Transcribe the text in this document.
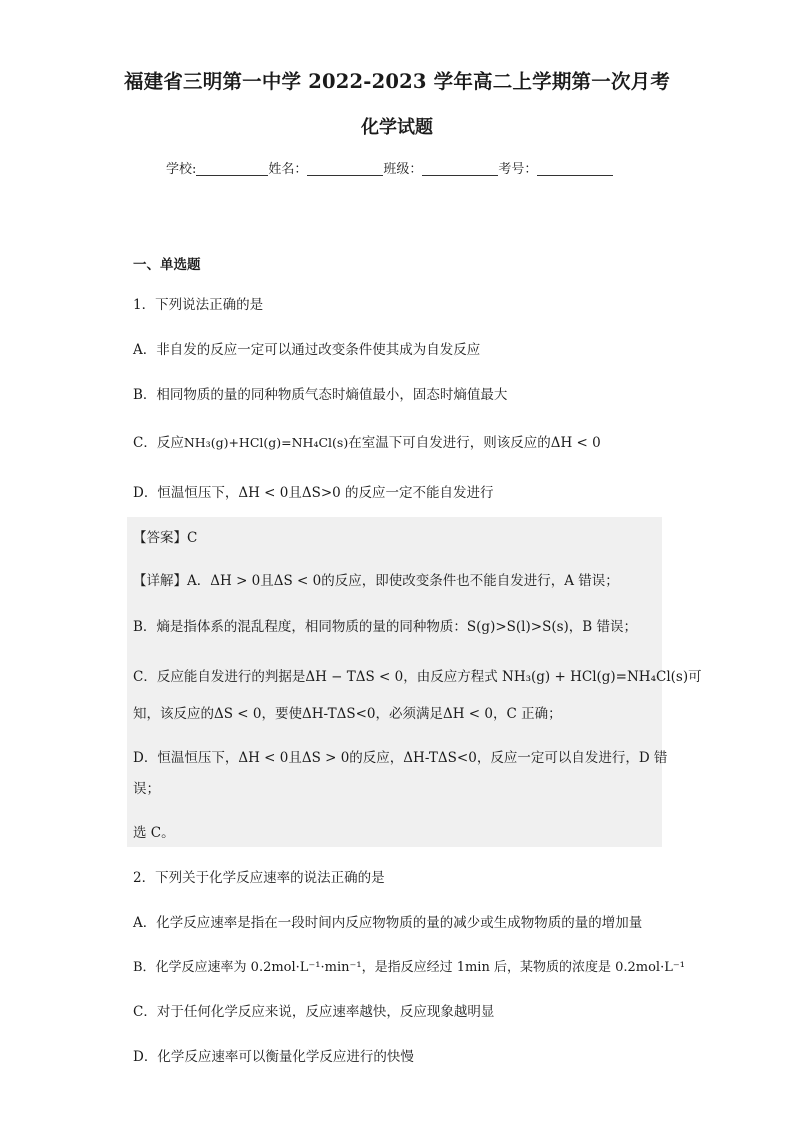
福建省三明第一中学 2022-2023 学年高二上学期第一次月考
化学试题
学校:	姓名：	班级：	考号：
一、单选题
1．下列说法正确的是
A．非自发的反应一定可以通过改变条件使其成为自发反应
B．相同物质的量的同种物质气态时熵值最小，固态时熵值最大
C．反应NH₃(g)+HCl(g)=NH₄Cl(s)在室温下可自发进行，则该反应的ΔH < 0
D．恒温恒压下，ΔH < 0且ΔS>0 的反应一定不能自发进行
【答案】C
【详解】A．ΔH > 0且ΔS < 0的反应，即使改变条件也不能自发进行，A 错误；
B．熵是指体系的混乱程度，相同物质的量的同种物质：S(g)>S(l)>S(s)，B 错误；
C．反应能自发进行的判据是ΔH − TΔS < 0，由反应方程式 NH₃(g) + HCl(g)=NH₄Cl(s)可
知，该反应的ΔS < 0，要使ΔH-TΔS<0，必须满足ΔH < 0，C 正确；
D．恒温恒压下，ΔH < 0且ΔS > 0的反应，ΔH-TΔS<0，反应一定可以自发进行，D 错
误；
选 C。
2．下列关于化学反应速率的说法正确的是
A．化学反应速率是指在一段时间内反应物物质的量的减少或生成物物质的量的增加量
B．化学反应速率为 0.2mol·L⁻¹·min⁻¹，是指反应经过 1min 后，某物质的浓度是 0.2mol·L⁻¹
C．对于任何化学反应来说，反应速率越快，反应现象越明显
D．化学反应速率可以衡量化学反应进行的快慢
